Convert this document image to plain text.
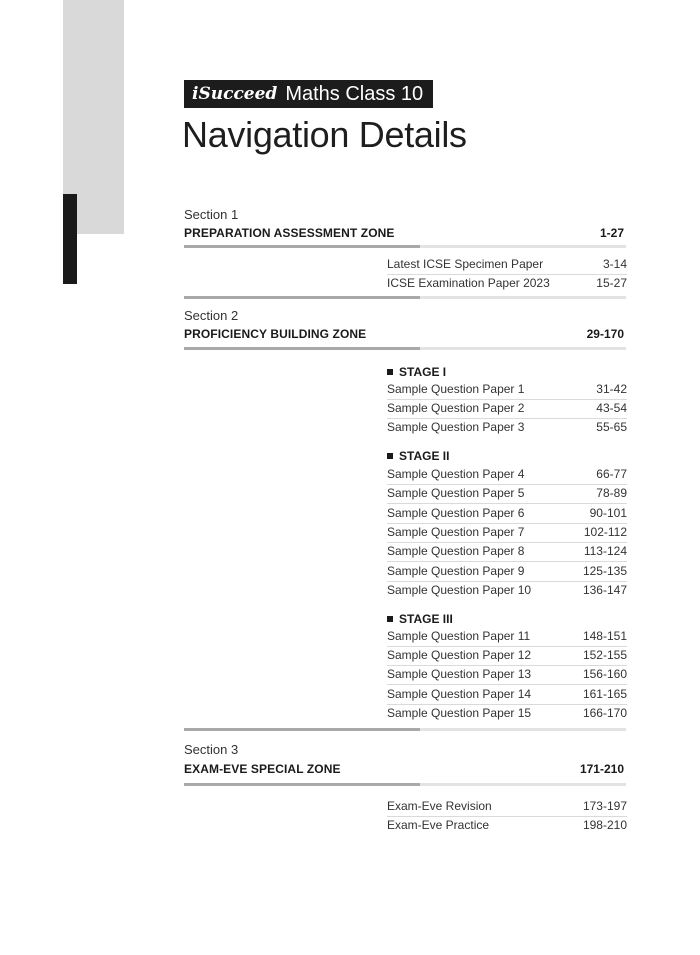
iSucceed Maths Class 10
Navigation Details
Section 1
PREPARATION ASSESSMENT ZONE	1-27
Latest ICSE Specimen Paper	3-14
ICSE Examination Paper 2023	15-27
Section 2
PROFICIENCY BUILDING ZONE	29-170
STAGE I
Sample Question Paper 1	31-42
Sample Question Paper 2	43-54
Sample Question Paper 3	55-65
STAGE II
Sample Question Paper 4	66-77
Sample Question Paper 5	78-89
Sample Question Paper 6	90-101
Sample Question Paper 7	102-112
Sample Question Paper 8	113-124
Sample Question Paper 9	125-135
Sample Question Paper 10	136-147
STAGE III
Sample Question Paper 11	148-151
Sample Question Paper 12	152-155
Sample Question Paper 13	156-160
Sample Question Paper 14	161-165
Sample Question Paper 15	166-170
Section 3
EXAM-EVE SPECIAL ZONE	171-210
Exam-Eve Revision	173-197
Exam-Eve Practice	198-210
